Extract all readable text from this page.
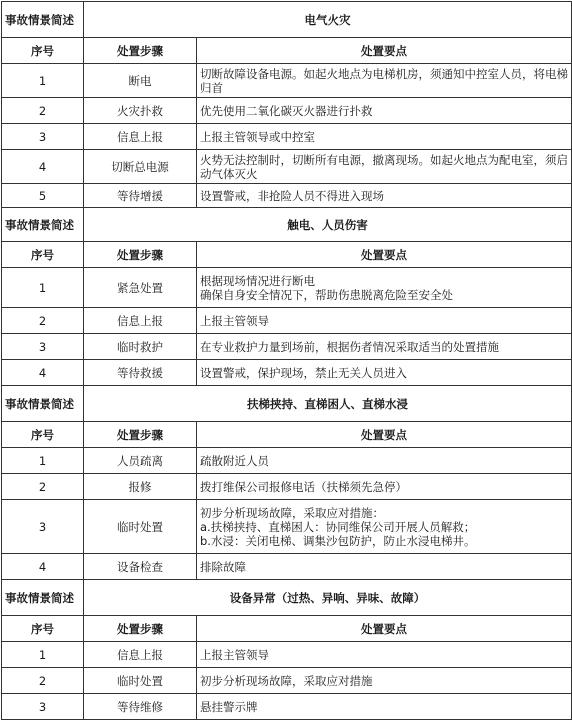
事故情景简述	电气火灾	
序号	处置步骤	处置要点
1	断电	切断故障设备电源。如起火地点为电梯机房，须通知中控室人员，将电梯归首
2	火灾扑救	优先使用二氧化碳灭火器进行扑救
3	信息上报	上报主管领导或中控室
4	切断总电源	火势无法控制时，切断所有电源，撤离现场。如起火地点为配电室，须启动气体灭火
5	等待增援	设置警戒，非抢险人员不得进入现场
事故情景简述	触电、人员伤害	
序号	处置步骤	处置要点
1	紧急处置	根据现场情况进行断电
确保自身安全情况下，帮助伤患脱离危险至安全处
2	信息上报	上报主管领导
3	临时救护	在专业救护力量到场前，根据伤者情况采取适当的处置措施
4	等待救援	设置警戒，保护现场，禁止无关人员进入
事故情景简述	扶梯挟持、直梯困人、直梯水浸	
序号	处置步骤	处置要点
1	人员疏离	疏散附近人员
2	报修	拨打维保公司报修电话（扶梯须先急停）
3	临时处置	初步分析现场故障，采取应对措施：
a.扶梯挟持、直梯困人：协同维保公司开展人员解救；
b.水浸：关闭电梯、调集沙包防护，防止水浸电梯井。
4	设备检查	排除故障
事故情景简述	设备异常（过热、异响、异味、故障）	
序号	处置步骤	处置要点
1	信息上报	上报主管领导
2	临时处置	初步分析现场故障，采取应对措施
3	等待维修	悬挂警示牌
